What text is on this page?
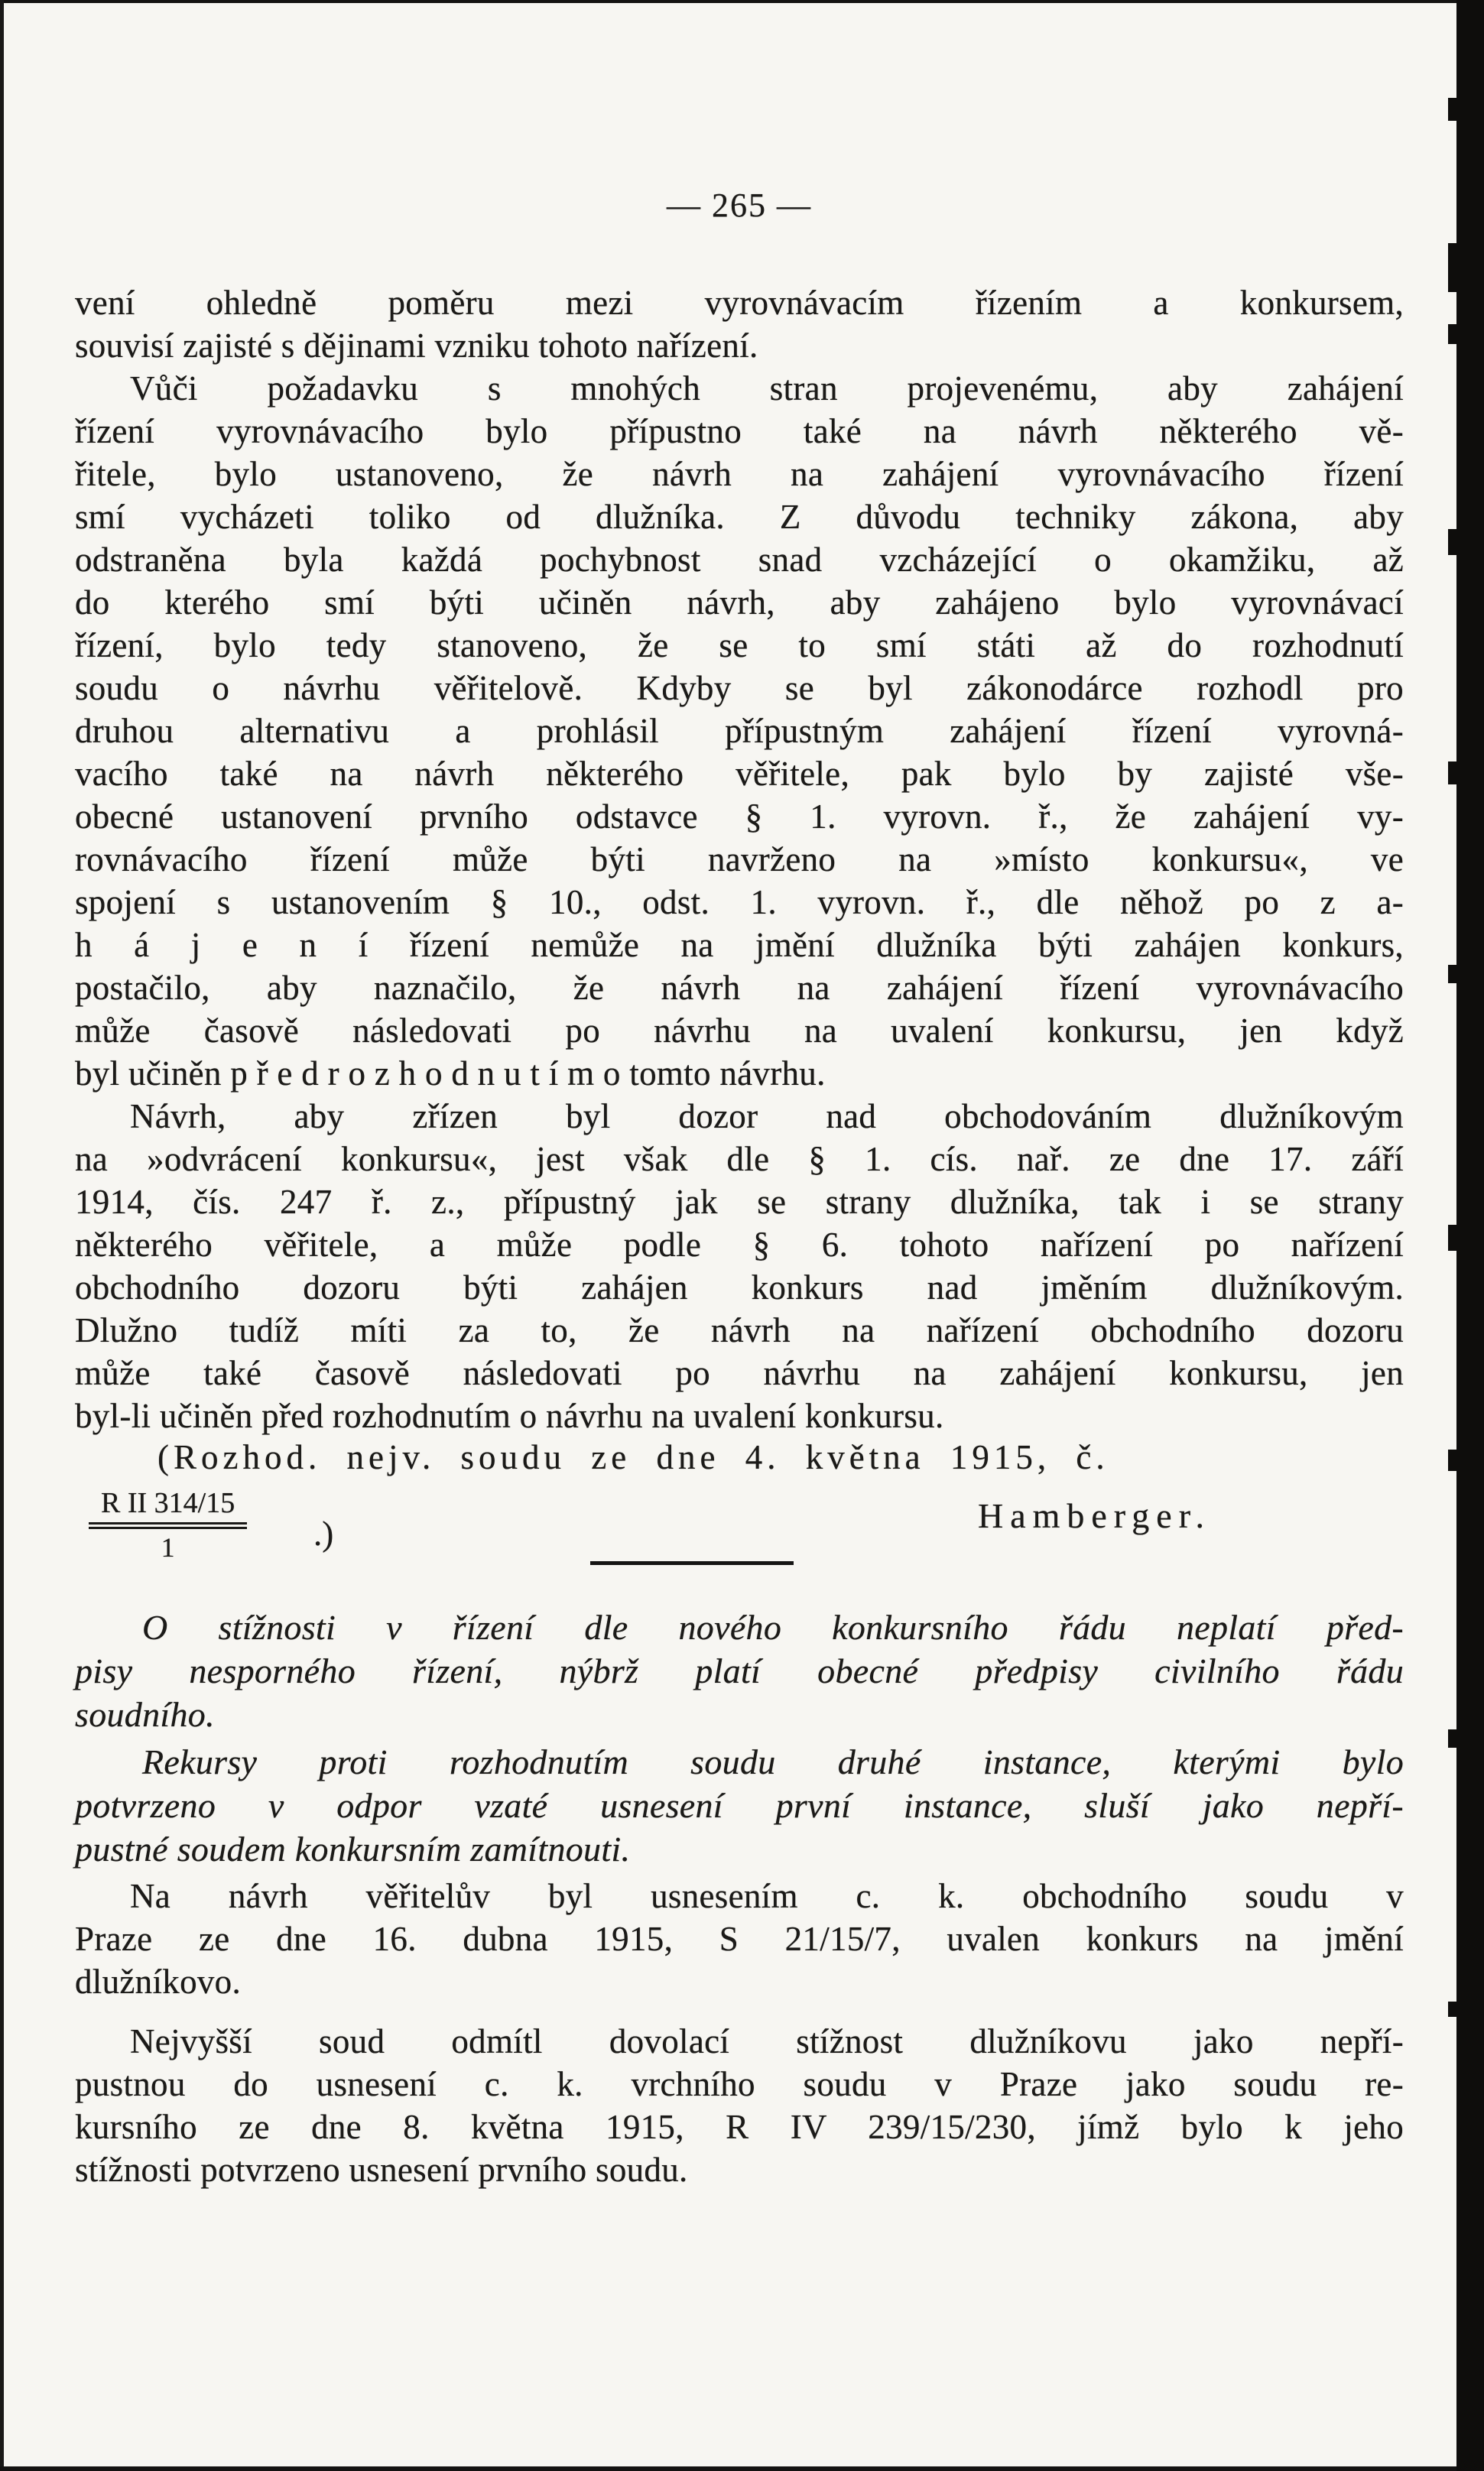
— 265 —
vení ohledně poměru mezi vyrovnávacím řízením a konkursem,
souvisí zajisté s dějinami vzniku tohoto nařízení.
Vůči požadavku s mnohých stran projevenému, aby zahájení
řízení vyrovnávacího bylo přípustno také na návrh některého vě-
řitele, bylo ustanoveno, že návrh na zahájení vyrovnávacího řízení
smí vycházeti toliko od dlužníka. Z důvodu techniky zákona, aby
odstraněna byla každá pochybnost snad vzcházející o okamžiku, až
do kterého smí býti učiněn návrh, aby zahájeno bylo vyrovnávací
řízení, bylo tedy stanoveno, že se to smí státi až do rozhodnutí
soudu o návrhu věřitelově. Kdyby se byl zákonodárce rozhodl pro
druhou alternativu a prohlásil přípustným zahájení řízení vyrovná-
vacího také na návrh některého věřitele, pak bylo by zajisté vše-
obecné ustanovení prvního odstavce § 1. vyrovn. ř., že zahájení vy-
rovnávacího řízení může býti navrženo na »místo konkursu«, ve
spojení s ustanovením § 10., odst. 1. vyrovn. ř., dle něhož po z a-
h á j e n í řízení nemůže na jmění dlužníka býti zahájen konkurs,
postačilo, aby naznačilo, že návrh na zahájení řízení vyrovnávacího
může časově následovati po návrhu na uvalení konkursu, jen když
byl učiněn p ř e d r o z h o d n u t í m o tomto návrhu.
Návrh, aby zřízen byl dozor nad obchodováním dlužníkovým
na »odvrácení konkursu«, jest však dle § 1. cís. nař. ze dne 17. září
1914, čís. 247 ř. z., přípustný jak se strany dlužníka, tak i se strany
některého věřitele, a může podle § 6. tohoto nařízení po nařízení
obchodního dozoru býti zahájen konkurs nad jměním dlužníkovým.
Dlužno tudíž míti za to, že návrh na nařízení obchodního dozoru
může také časově následovati po návrhu na zahájení konkursu, jen
byl-li učiněn před rozhodnutím o návrhu na uvalení konkursu.
(Rozhod. nejv. soudu ze dne 4. května 1915, č.
$\frac{\text{R II 314/15}}{1}$ .)	Hamberger.
O stížnosti v řízení dle nového konkursního řádu neplatí před-
pisy nesporného řízení, nýbrž platí obecné předpisy civilního řádu
soudního.
Rekursy proti rozhodnutím soudu druhé instance, kterými bylo
potvrzeno v odpor vzaté usnesení první instance, sluší jako nepří-
pustné soudem konkursním zamítnouti.
Na návrh věřitelův byl usnesením c. k. obchodního soudu v
Praze ze dne 16. dubna 1915, S 21/15/7, uvalen konkurs na jmění
dlužníkovo.
Nejvyšší soud odmítl dovolací stížnost dlužníkovu jako nepří-
pustnou do usnesení c. k. vrchního soudu v Praze jako soudu re-
kursního ze dne 8. května 1915, R IV 239/15/230, jímž bylo k jeho
stížnosti potvrzeno usnesení prvního soudu.
